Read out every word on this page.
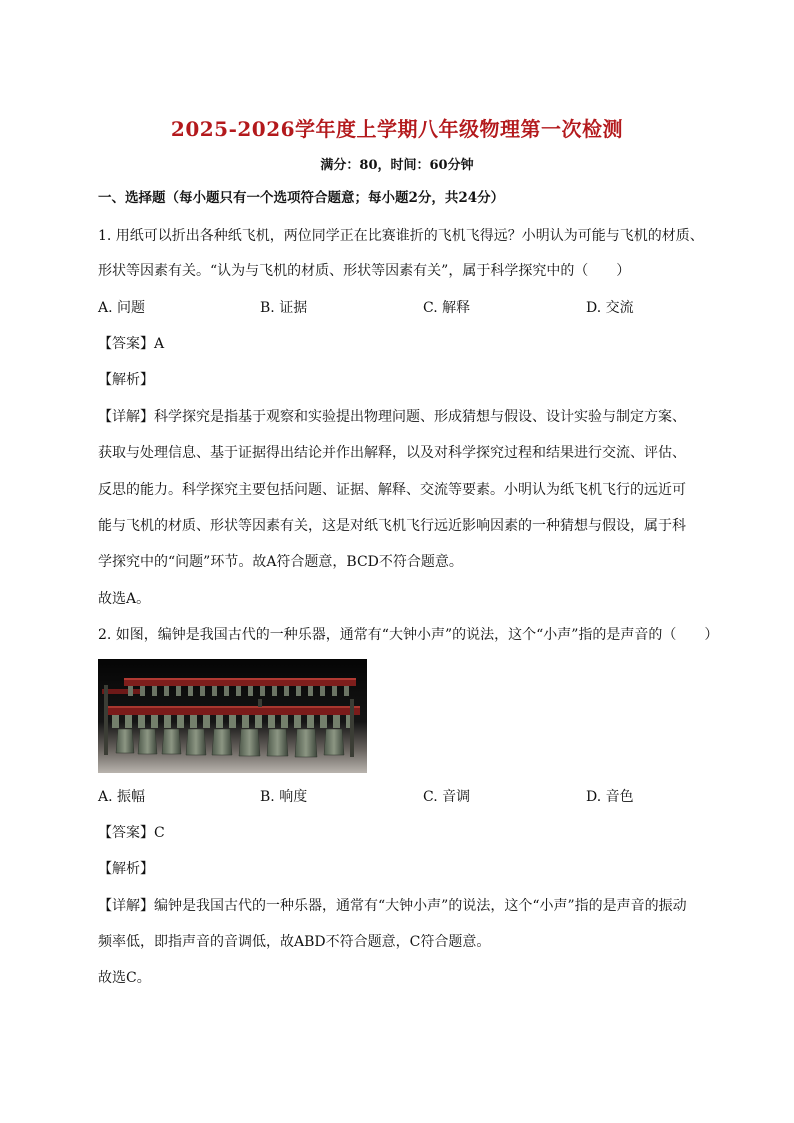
2025-2026学年度上学期八年级物理第一次检测
满分：80，时间：60分钟
一、选择题（每小题只有一个选项符合题意；每小题2分，共24分）
1. 用纸可以折出各种纸飞机，两位同学正在比赛谁折的飞机飞得远？小明认为可能与飞机的材质、
形状等因素有关。“认为与飞机的材质、形状等因素有关”，属于科学探究中的（　　）
A. 问题	B. 证据	C. 解释	D. 交流
【答案】A
【解析】
【详解】科学探究是指基于观察和实验提出物理问题、形成猜想与假设、设计实验与制定方案、
获取与处理信息、基于证据得出结论并作出解释，以及对科学探究过程和结果进行交流、评估、
反思的能力。科学探究主要包括问题、证据、解释、交流等要素。小明认为纸飞机飞行的远近可
能与飞机的材质、形状等因素有关，这是对纸飞机飞行远近影响因素的一种猜想与假设，属于科
学探究中的“问题”环节。故A符合题意，BCD不符合题意。
故选A。
2. 如图，编钟是我国古代的一种乐器，通常有“大钟小声”的说法，这个“小声”指的是声音的（　　）
A. 振幅	B. 响度	C. 音调	D. 音色
【答案】C
【解析】
【详解】编钟是我国古代的一种乐器，通常有“大钟小声”的说法，这个“小声”指的是声音的振动
频率低，即指声音的音调低，故ABD不符合题意，C符合题意。
故选C。
